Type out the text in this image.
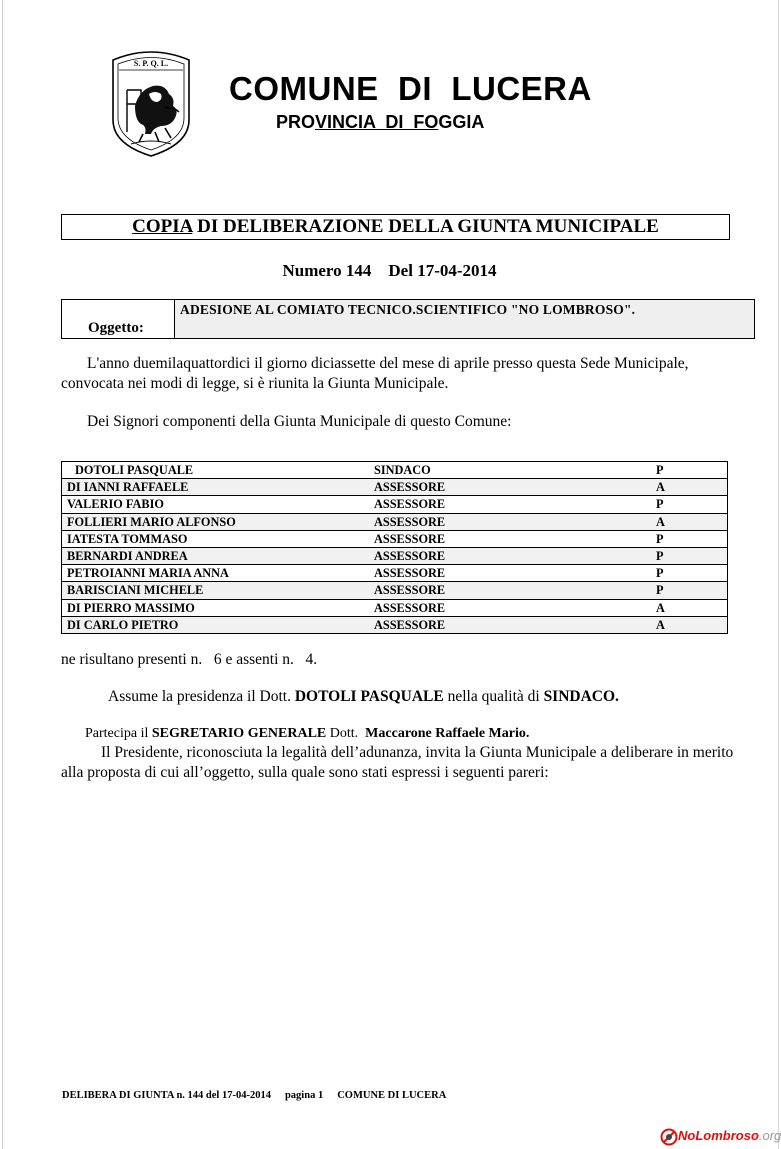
S. P. Q. L.
COMUNE  DI  LUCERA
PROVINCIA  DI  FOGGIA
COPIA DI DELIBERAZIONE DELLA GIUNTA MUNICIPALE
Numero 144    Del 17-04-2014
Oggetto:
ADESIONE AL COMIATO TECNICO.SCIENTIFICO "NO LOMBROSO".
L'anno duemilaquattordici il giorno diciassette del mese di aprile presso questa Sede Municipale, convocata nei modi di legge, si è riunita la Giunta Municipale.
Dei Signori componenti della Giunta Municipale di questo Comune:
DOTOLI PASQUALE	SINDACO	P
DI IANNI RAFFAELE	ASSESSORE	A
VALERIO FABIO	ASSESSORE	P
FOLLIERI MARIO ALFONSO	ASSESSORE	A
IATESTA TOMMASO	ASSESSORE	P
BERNARDI ANDREA	ASSESSORE	P
PETROIANNI MARIA ANNA	ASSESSORE	P
BARISCIANI MICHELE	ASSESSORE	P
DI PIERRO MASSIMO	ASSESSORE	A
DI CARLO PIETRO	ASSESSORE	A
ne risultano presenti n.   6 e assenti n.   4.
Assume la presidenza il Dott. DOTOLI PASQUALE nella qualità di SINDACO.
Partecipa il SEGRETARIO GENERALE Dott.  Maccarone Raffaele Mario.
Il Presidente, riconosciuta la legalità dell’adunanza, invita la Giunta Municipale a deliberare in merito alla proposta di cui all’oggetto, sulla quale sono stati espressi i seguenti pareri:
DELIBERA DI GIUNTA n. 144 del 17-04-2014 pagina 1 COMUNE DI LUCERA
NoLombroso.org
